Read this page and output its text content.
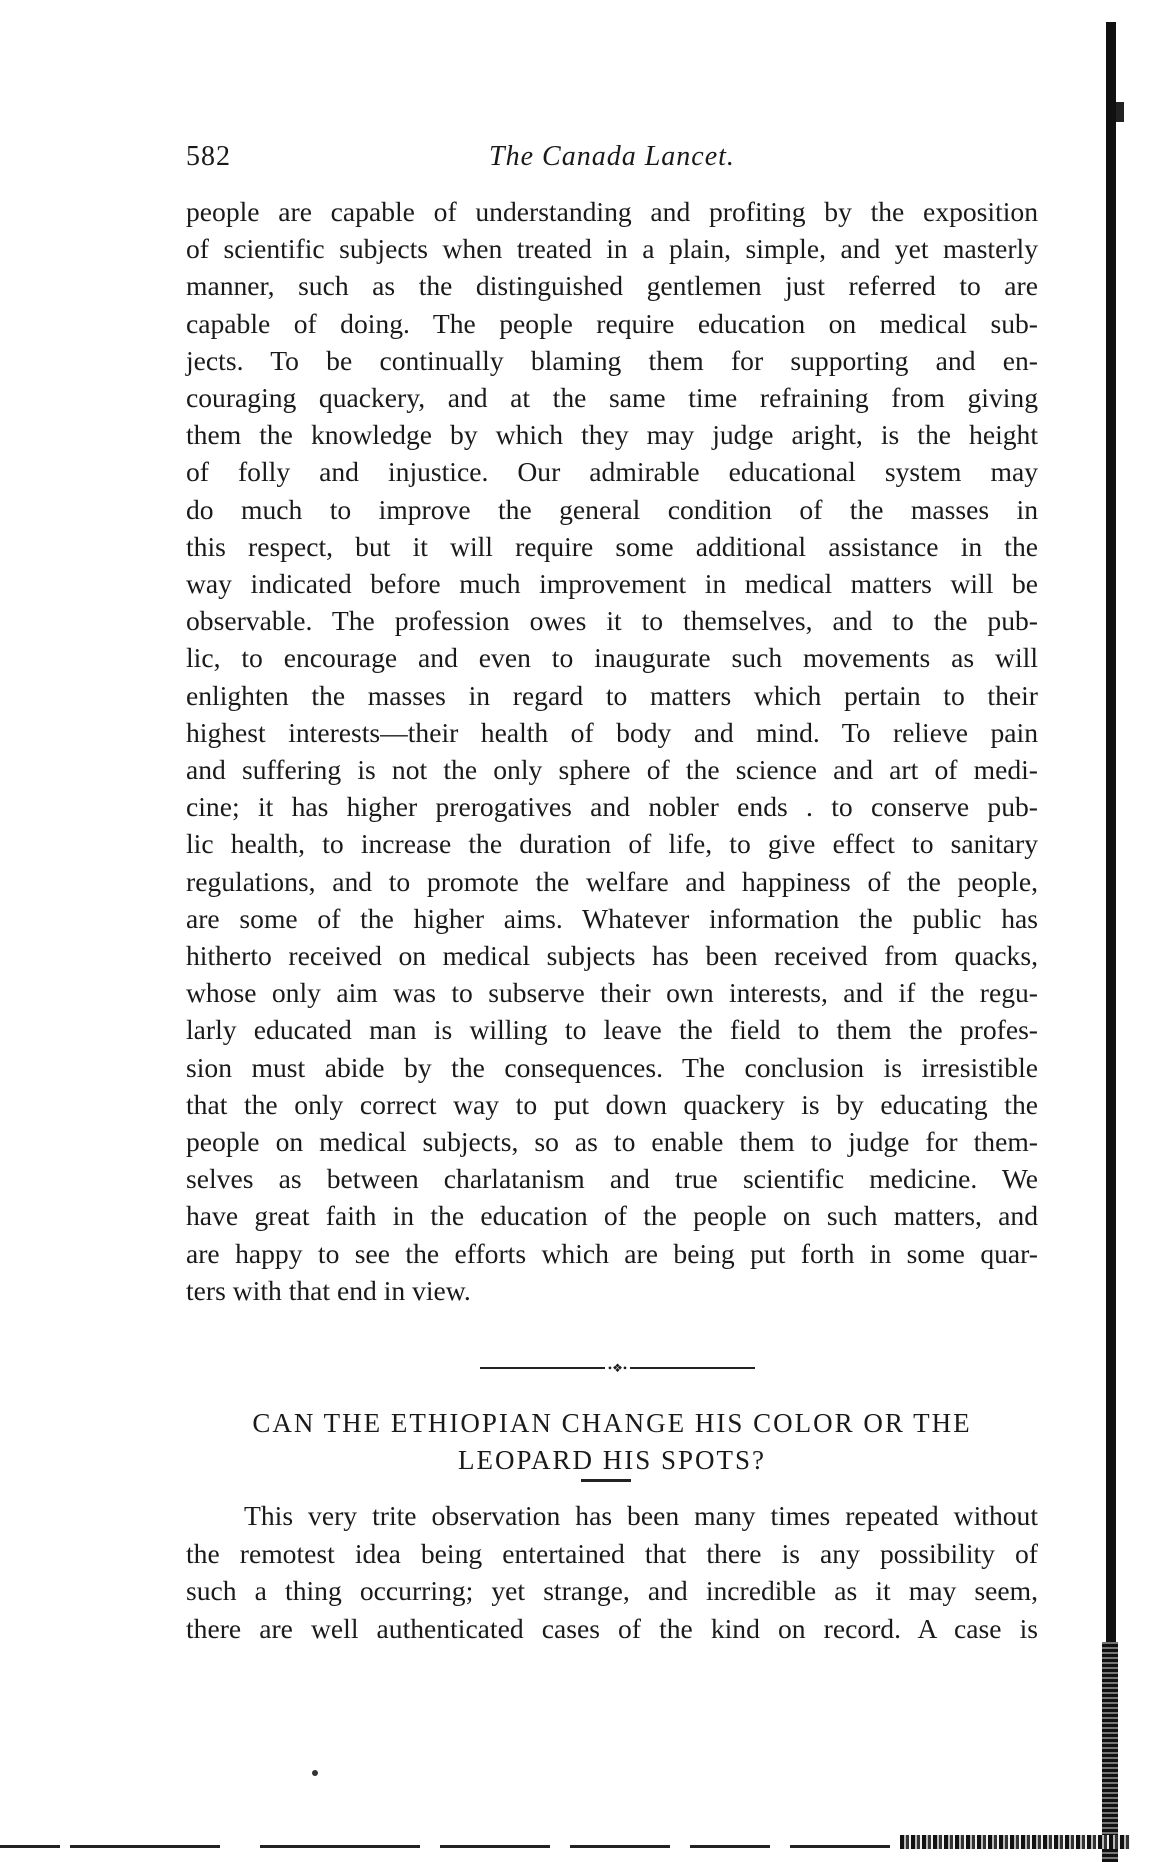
582	The Canada Lancet.
people are capable of understanding and profiting by the exposition
of scientific subjects when treated in a plain, simple, and yet masterly
manner, such as the distinguished gentlemen just referred to are
capable of doing. The people require education on medical sub-
jects. To be continually blaming them for supporting and en-
couraging quackery, and at the same time refraining from giving
them the knowledge by which they may judge aright, is the height
of folly and injustice. Our admirable educational system may
do much to improve the general condition of the masses in
this respect, but it will require some additional assistance in the
way indicated before much improvement in medical matters will be
observable. The profession owes it to themselves, and to the pub-
lic, to encourage and even to inaugurate such movements as will
enlighten the masses in regard to matters which pertain to their
highest interests—their health of body and mind. To relieve pain
and suffering is not the only sphere of the science and art of medi-
cine; it has higher prerogatives and nobler ends . to conserve pub-
lic health, to increase the duration of life, to give effect to sanitary
regulations, and to promote the welfare and happiness of the people,
are some of the higher aims. Whatever information the public has
hitherto received on medical subjects has been received from quacks,
whose only aim was to subserve their own interests, and if the regu-
larly educated man is willing to leave the field to them the profes-
sion must abide by the consequences. The conclusion is irresistible
that the only correct way to put down quackery is by educating the
people on medical subjects, so as to enable them to judge for them-
selves as between charlatanism and true scientific medicine. We
have great faith in the education of the people on such matters, and
are happy to see the efforts which are being put forth in some quar-
ters with that end in view.
•❖•
CAN THE ETHIOPIAN CHANGE HIS COLOR OR THE
LEOPARD HIS SPOTS?
This very trite observation has been many times repeated without
the remotest idea being entertained that there is any possibility of
such a thing occurring; yet strange, and incredible as it may seem,
there are well authenticated cases of the kind on record. A case is
